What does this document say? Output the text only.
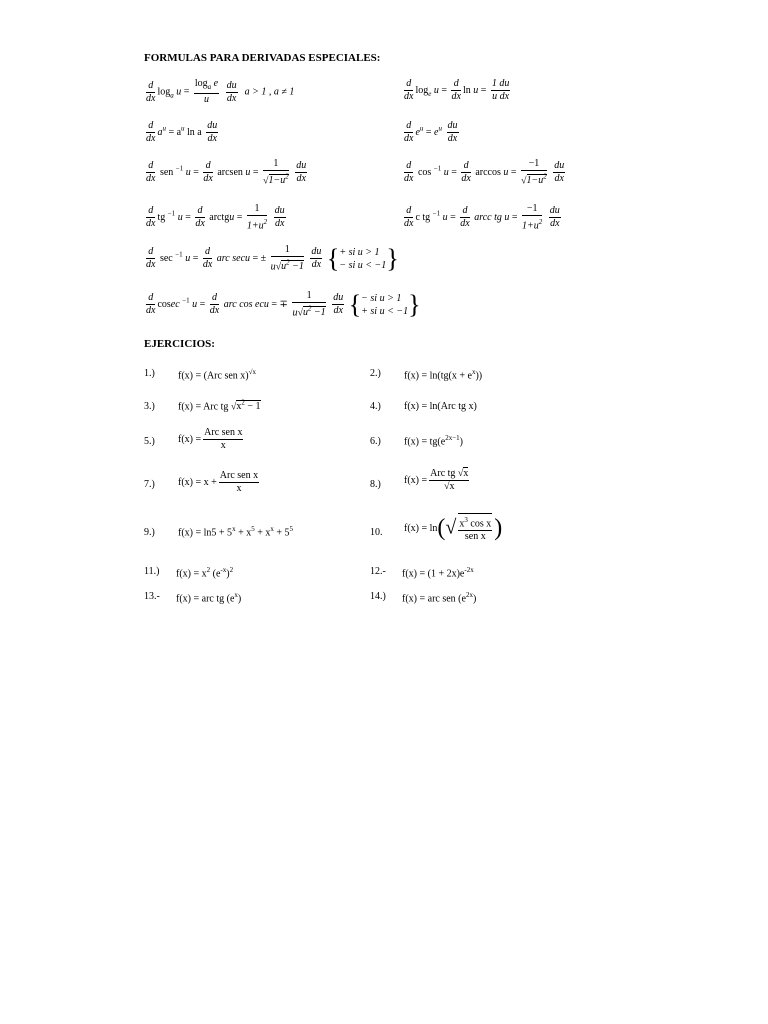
FORMULAS PARA DERIVADAS ESPECIALES:
$\frac{d}{dx} \log_a u = \frac{\log_a e}{u}$
$\frac{du}{dx}$ a > 1 , a ≠ 1	$\frac{d}{dx} \log_e u = \frac{d}{dx}$ $\ln u = \frac{1 du}{\text{u dx}}$
$\frac{d}{dx} a^u = a^u$ ln a $\frac{du}{dx}$	$\frac{d}{dx} e^u = e^u \frac{du}{dx}$
$\frac{d}{dx}$ sen $^{-1}$ $u = \frac{d}{dx}$ arcsen $u = \frac{1}{√1-u^2}$
$\frac{du}{dx}$	$\frac{d}{dx}$ cos $^{-1}$ $u = \frac{d}{dx}$ $\arccos u = \frac{-1}{√1-u^2}$
$\frac{du}{dx}$
$\frac{d}{dx}$ tg $^{-1}$ $u = \frac{d}{dx}$ arctgu = $\frac{1}{1+u^2}$
$\frac{du}{dx}$	$\frac{d}{dx}$ c tg $^{-1}$ $u = \frac{d}{dx}$ arcc tg $u = \frac{-1}{1+u^2}$
$\frac{du}{dx}$
$\frac{d}{dx}$ sec $^{-1}$ $u = \frac{d}{dx}$ arc secu = ± $\frac{1}{u√u^2 -1}$
$\frac{du}{dx}$ {+ si u > 1
− si u < −1}
$\frac{d}{dx}$ cosec $^{-1}$ $u = \frac{d}{dx}$ arc cos ecu = ∓ $\frac{1}{u√u^2 -1}$
$\frac{du}{dx}$ {− si u > 1
+ si u < −1}
EJERCICIOS:
1.) f(x) = (Arc sen x)$^{√x}$	2.) $f(x) = \ln(tg(x + e^x))$
3.) f(x) = Arc tg $√x^2 - 1$	4.) f(x) = ln(Arc tg x)
5.) $f(x) = \frac{\text{Arc sen x}}{x}$	6.) $f(x) = tg(e^{2x-1})$
7.) $f(x) = x + \frac{\text{Arc sen x}}{x}$	8.) $f(x) = \frac{\text{Arc tg √x}}{√x}$
9.) $f(x) = \ln 5 + 5^x + x^5 + x^x + 5^5$	10. $f(x) = \ln(√ \frac{x^3 \cos x}{\text{sen x}}$ )
11.) $f(x) = x^2$ $(e^{-x})^2$	12.- $f(x) = (1 + 2x)e^{-2x}$
13.- f(x) = arc tg $(e^x)$	14.) f(x) = arc sen $(e^{2x})$
